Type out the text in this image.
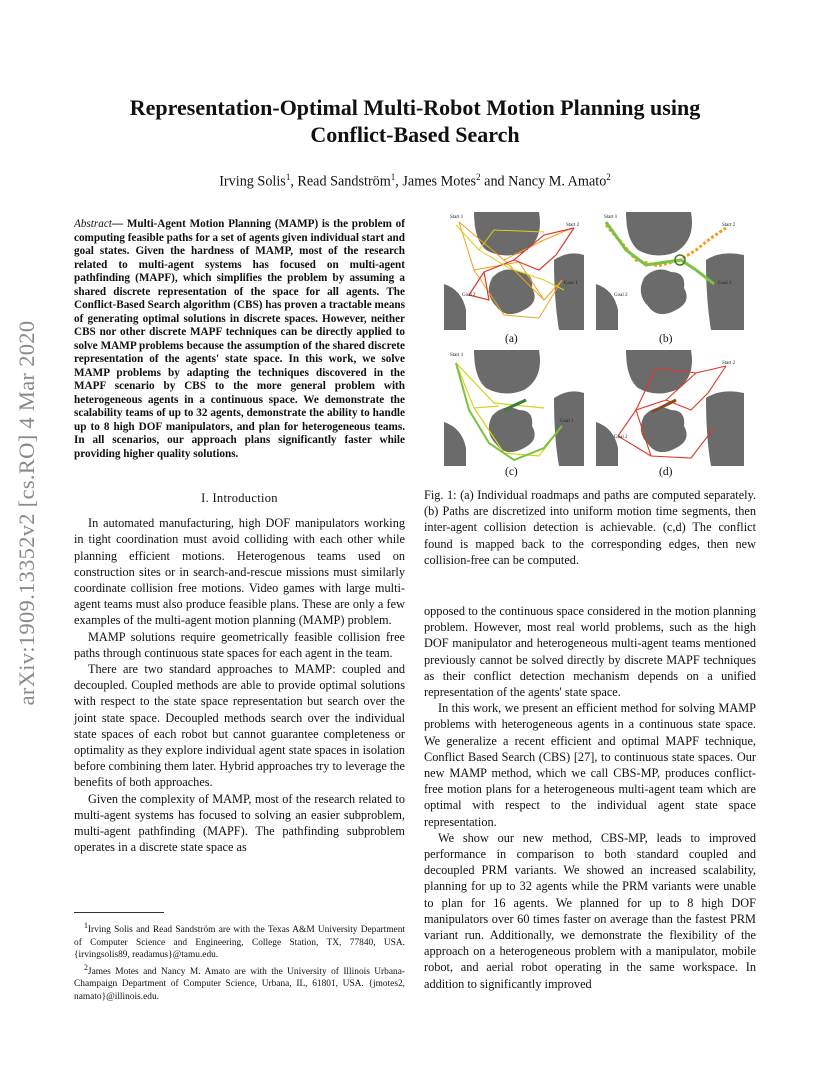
arXiv:1909.13352v2 [cs.RO] 4 Mar 2020
Representation-Optimal Multi-Robot Motion Planning using
Conflict-Based Search
Irving Solis$^1$, Read Sandström$^1$, James Motes$^2$ and Nancy M. Amato$^2$
Abstract— Multi-Agent Motion Planning (MAMP) is the problem of computing feasible paths for a set of agents given individual start and goal states. Given the hardness of MAMP, most of the research related to multi-agent systems has focused on multi-agent pathfinding (MAPF), which simplifies the problem by assuming a shared discrete representation of the space for all agents. The Conflict-Based Search algorithm (CBS) has proven a tractable means of generating optimal solutions in discrete spaces. However, neither CBS nor other discrete MAPF techniques can be directly applied to solve MAMP problems because the assumption of the shared discrete representation of the agents' state space. In this work, we solve MAMP problems by adapting the techniques discovered in the MAPF scenario by CBS to the more general problem with heterogeneous agents in a continuous space. We demonstrate the scalability teams of up to 32 agents, demonstrate the ability to handle up to 8 high DOF manipulators, and plan for heterogeneous teams. In all scenarios, our approach plans significantly faster while providing higher quality solutions.
I. Introduction

In automated manufacturing, high DOF manipulators working in tight coordination must avoid colliding with each other while planning efficient motions. Heterogenous teams used on construction sites or in search-and-rescue missions must similarly coordinate collision free motions. Video games with large multi-agent teams must also produce feasible plans. These are only a few examples of the multi-agent motion planning (MAMP) problem.

MAMP solutions require geometrically feasible collision free paths through continuous state spaces for each agent in the team.

There are two standard approaches to MAMP: coupled and decoupled. Coupled methods are able to provide optimal solutions with respect to the state space representation but search over the joint state space. Decoupled methods search over the individual state spaces of each robot but cannot guarantee completeness or optimality as they explore individual agent state spaces in isolation before combining them later. Hybrid approaches try to leverage the benefits of both approaches.

Given the complexity of MAMP, most of the research related to multi-agent systems has focused to solving an easier subproblem, multi-agent pathfinding (MAPF). The pathfinding subproblem operates in a discrete state space as

$^1$Irving Solis and Read Sandström are with the Texas A&M University Department of Computer Science and Engineering, College Station, TX, 77840, USA. {irvingsolis89, readamus}@tamu.edu.

$^2$James Motes and Nancy M. Amato are with the University of Illinois Urbana-Champaign Department of Computer Science, Urbana, IL, 61801, USA. {jmotes2, namato}@illinois.edu.

Start 1
Start 2
Goal 2
Goal 1
Start 1
Start 2
Goal 2
Goal 1
Start 1
Goal 1
Start 2
Goal 2
(a)	(b)
(c)	(d)
Fig. 1: (a) Individual roadmaps and paths are computed separately. (b) Paths are discretized into uniform motion time segments, then inter-agent collision detection is achievable. (c,d) The conflict found is mapped back to the corresponding edges, then new collision-free can be computed.

opposed to the continuous space considered in the motion planning problem. However, most real world problems, such as the high DOF manipulator and heterogeneous multi-agent teams mentioned previously cannot be solved directly by discrete MAPF techniques as their conflict detection mechanism depends on a unified representation of the agents' state space.

In this work, we present an efficient method for solving MAMP problems with heterogeneous agents in a continuous state space. We generalize a recent efficient and optimal MAPF technique, Conflict Based Search (CBS) [27], to continuous state spaces. Our new MAMP method, which we call CBS-MP, produces conflict-free motion plans for a heterogeneous multi-agent team which are optimal with respect to the individual agent state space representation.

We show our new method, CBS-MP, leads to improved performance in comparison to both standard coupled and decoupled PRM variants. We showed an increased scalability, planning for up to 32 agents while the PRM variants were unable to plan for 16 agents. We planned for up to 8 high DOF manipulators over 60 times faster on average than the fastest PRM variant run. Additionally, we demonstrate the flexibility of the approach on a heterogeneous problem with a manipulator, mobile robot, and aerial robot operating in the same workspace. In addition to significantly improved
